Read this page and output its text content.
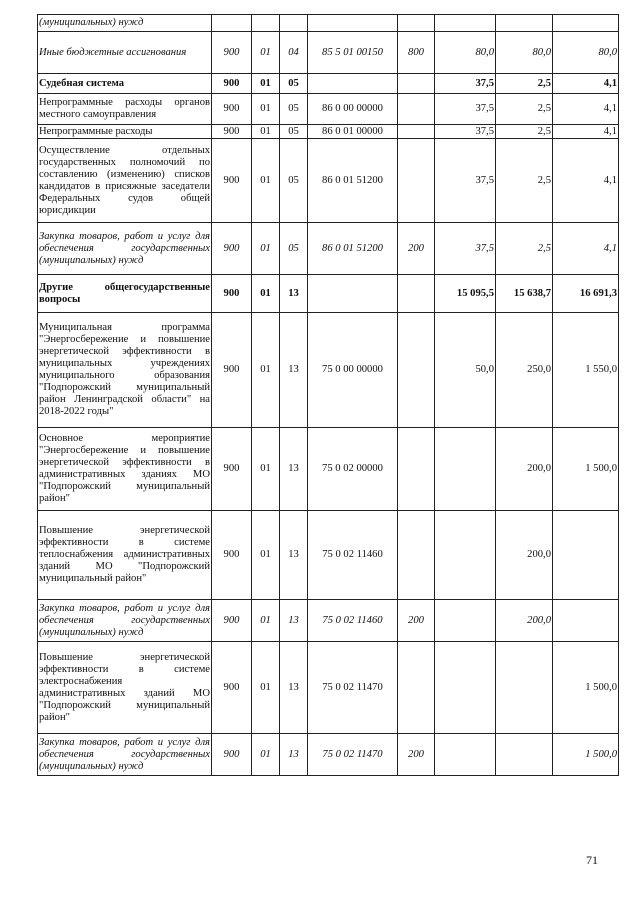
(муниципальных) нужд								
Иные бюджетные ассигнования	900	01	04	85 5 01 00150	800	80,0	80,0	80,0
Судебная система	900	01	05			37,5	2,5	4,1
Непрограммные расходы органов местного самоуправления	900	01	05	86 0 00 00000		37,5	2,5	4,1
Непрограммные расходы	900	01	05	86 0 01 00000		37,5	2,5	4,1
Осуществление отдельных государственных полномочий по составлению (изменению) списков кандидатов в присяжные заседатели Федеральных судов общей юрисдикции	900	01	05	86 0 01 51200		37,5	2,5	4,1
Закупка товаров, работ и услуг для обеспечения государственных (муниципальных) нужд	900	01	05	86 0 01 51200	200	37,5	2,5	4,1
Другие общегосударственные вопросы	900	01	13			15 095,5	15 638,7	16 691,3
Муниципальная программа "Энергосбережение и повышение энергетической эффективности в муниципальных учреждениях муниципального образования "Подпорожский муниципальный район Ленинградской области" на 2018-2022 годы"	900	01	13	75 0 00 00000		50,0	250,0	1 550,0
Основное мероприятие "Энергосбережение и повышение энергетической эффективности в административных зданиях МО "Подпорожский муниципальный район"	900	01	13	75 0 02 00000			200,0	1 500,0
Повышение энергетической эффективности в системе теплоснабжения административных зданий МО "Подпорожский муниципальный район"	900	01	13	75 0 02 11460			200,0	
Закупка товаров, работ и услуг для обеспечения государственных (муниципальных) нужд	900	01	13	75 0 02 11460	200		200,0	
Повышение энергетической эффективности в системе электроснабжения административных зданий МО "Подпорожский муниципальный район"	900	01	13	75 0 02 11470				1 500,0
Закупка товаров, работ и услуг для обеспечения государственных (муниципальных) нужд	900	01	13	75 0 02 11470	200			1 500,0
71
